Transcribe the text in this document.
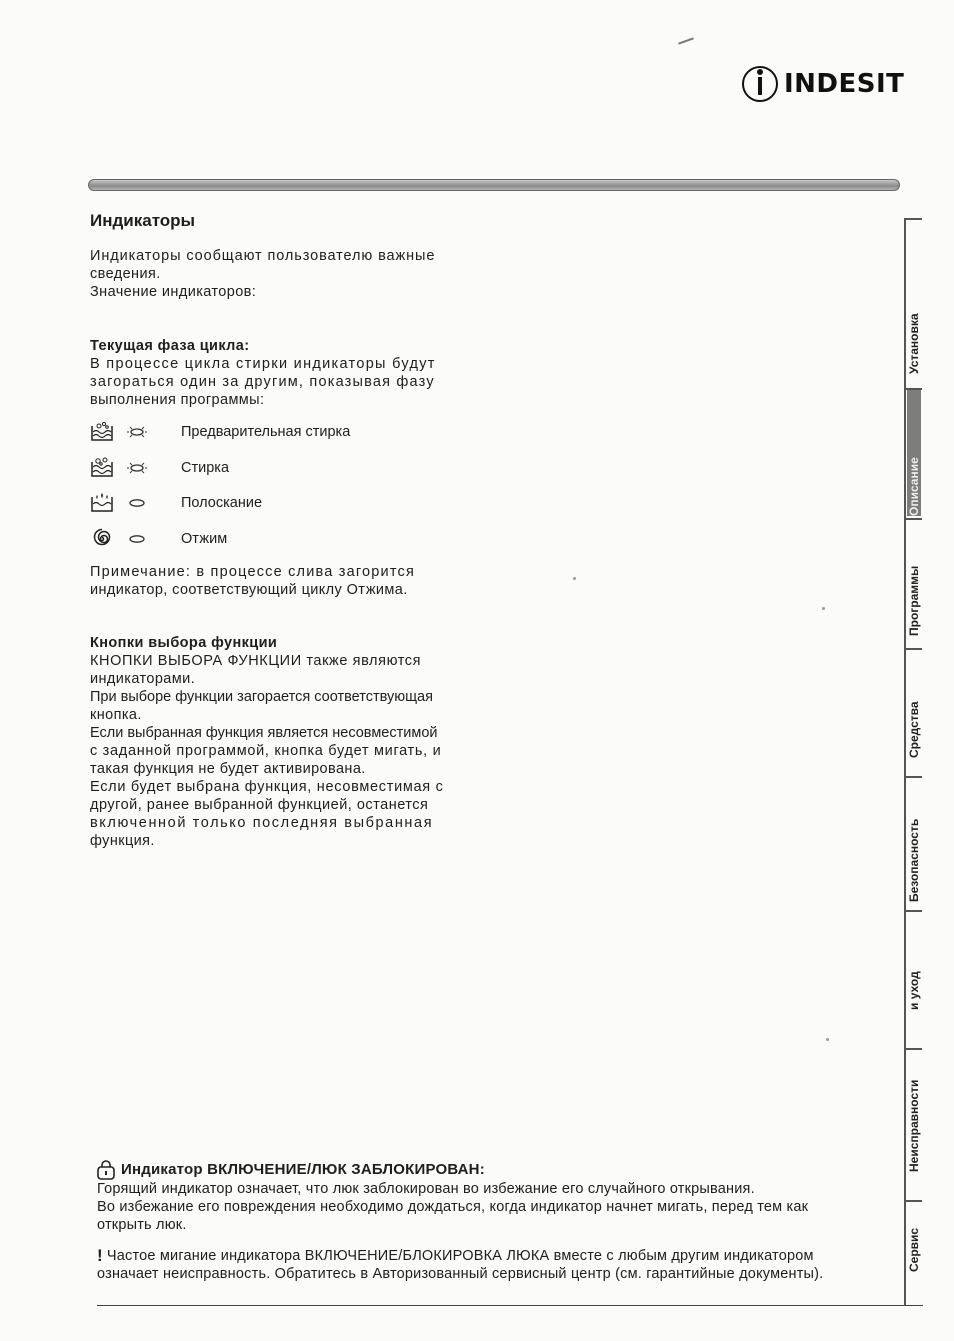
INDESIT
Индикаторы
Индикаторы сообщают пользователю важные
сведения.
Значение индикаторов:
Текущая фаза цикла:
В процессе цикла стирки индикаторы будут
загораться один за другим, показывая фазу
выполнения программы:
Предварительная стирка
Стирка
Полоскание
Отжим
Примечание: в процессе слива загорится
индикатор, соответствующий циклу Отжима.
Кнопки выбора функции
КНОПКИ ВЫБОРА ФУНКЦИИ также являются
индикаторами.
При выборе функции загорается соответствующая
кнопка.
Если выбранная функция является несовместимой
с заданной программой, кнопка будет мигать, и
такая функция не будет активирована.
Если будет выбрана функция, несовместимая с
другой, ранее выбранной функцией, останется
включенной только последняя выбранная
функция.
Индикатор ВКЛЮЧЕНИЕ/ЛЮК ЗАБЛОКИРОВАН:
Горящий индикатор означает, что люк заблокирован во избежание его случайного открывания.
Во избежание его повреждения необходимо дождаться, когда индикатор начнет мигать, перед тем как
открыть люк.
! Частое мигание индикатора ВКЛЮЧЕНИЕ/БЛОКИРОВКА ЛЮКА вместе с любым другим индикатором
означает неисправность. Обратитесь в Авторизованный сервисный центр (см. гарантийные документы).
Установка
Описание
Программы
Средства
Безопасность
и уход
Неисправности
Сервис
